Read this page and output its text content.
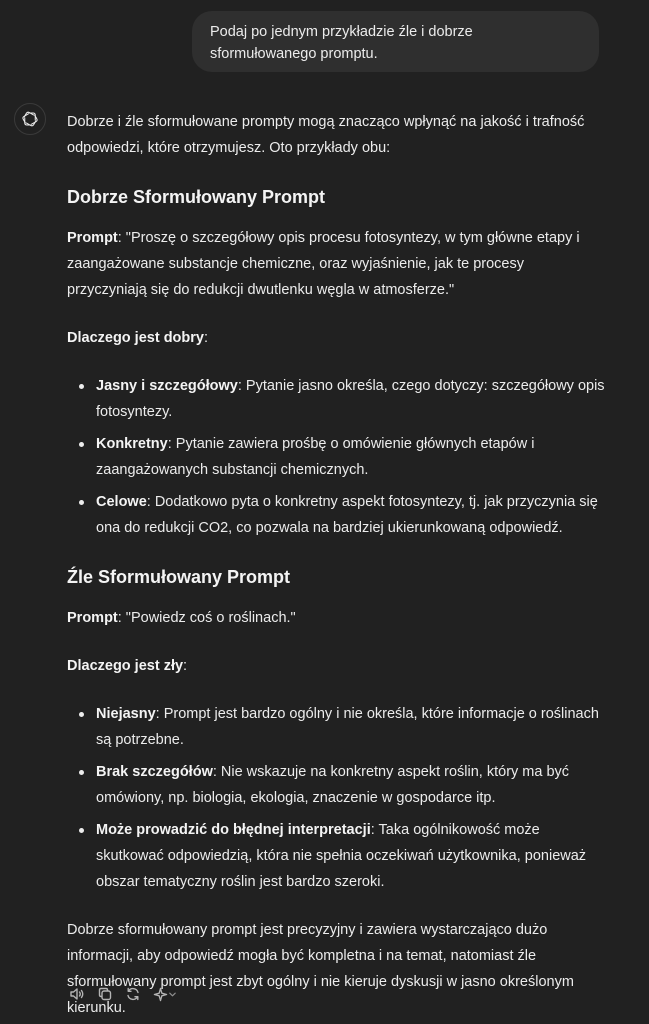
Podaj po jednym przykładzie źle i dobrze
sformułowanego promptu.

Dobrze i źle sformułowane prompty mogą znacząco wpłynąć na jakość i trafność odpowiedzi, które otrzymujesz. Oto przykłady obu:

Dobrze Sformułowany Prompt

Prompt: "Proszę o szczegółowy opis procesu fotosyntezy, w tym główne etapy i zaangażowane substancje chemiczne, oraz wyjaśnienie, jak te procesy przyczyniają się do redukcji dwutlenku węgla w atmosferze."

Dlaczego jest dobry:

Jasny i szczegółowy: Pytanie jasno określa, czego dotyczy: szczegółowy opis fotosyntezy.
Konkretny: Pytanie zawiera prośbę o omówienie głównych etapów i zaangażowanych substancji chemicznych.
Celowe: Dodatkowo pyta o konkretny aspekt fotosyntezy, tj. jak przyczynia się ona do redukcji CO2, co pozwala na bardziej ukierunkowaną odpowiedź.
Źle Sformułowany Prompt

Prompt: "Powiedz coś o roślinach."

Dlaczego jest zły:

Niejasny: Prompt jest bardzo ogólny i nie określa, które informacje o roślinach są potrzebne.
Brak szczegółów: Nie wskazuje na konkretny aspekt roślin, który ma być omówiony, np. biologia, ekologia, znaczenie w gospodarce itp.
Może prowadzić do błędnej interpretacji: Taka ogólnikowość może skutkować odpowiedzią, która nie spełnia oczekiwań użytkownika, ponieważ obszar tematyczny roślin jest bardzo szeroki.

Dobrze sformułowany prompt jest precyzyjny i zawiera wystarczająco dużo informacji, aby odpowiedź mogła być kompletna i na temat, natomiast źle sformułowany prompt jest zbyt ogólny i nie kieruje dyskusji w jasno określonym kierunku.
